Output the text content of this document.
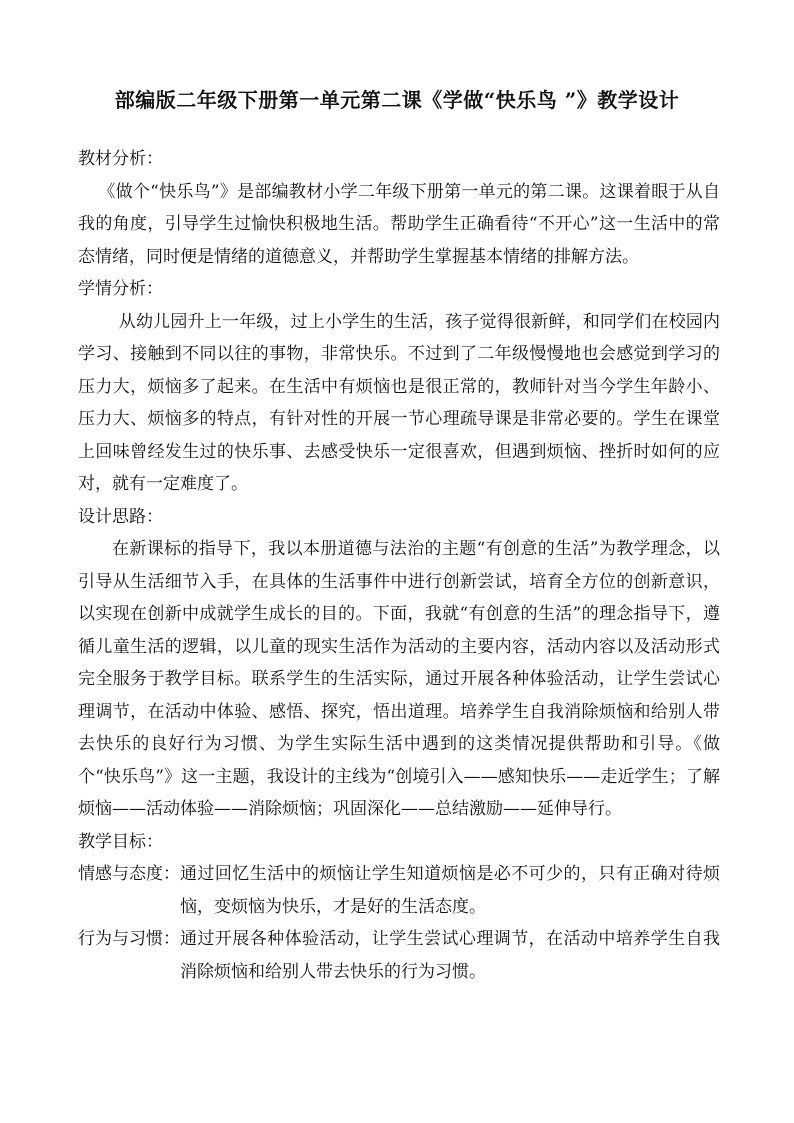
部编版二年级下册第一单元第二课《学做“快乐鸟 ”》教学设计

教材分析：

《做个“快乐鸟”》是部编教材小学二年级下册第一单元的第二课。这课着眼于从自我的角度，引导学生过愉快积极地生活。帮助学生正确看待“不开心”这一生活中的常态情绪，同时便是情绪的道德意义，并帮助学生掌握基本情绪的排解方法。

学情分析：

从幼儿园升上一年级，过上小学生的生活，孩子觉得很新鲜，和同学们在校园内学习、接触到不同以往的事物，非常快乐。不过到了二年级慢慢地也会感觉到学习的压力大，烦恼多了起来。在生活中有烦恼也是很正常的，教师针对当今学生年龄小、压力大、烦恼多的特点，有针对性的开展一节心理疏导课是非常必要的。学生在课堂上回味曾经发生过的快乐事、去感受快乐一定很喜欢，但遇到烦恼、挫折时如何的应对，就有一定难度了。

设计思路：

在新课标的指导下，我以本册道德与法治的主题“有创意的生活”为教学理念，以引导从生活细节入手，在具体的生活事件中进行创新尝试，培育全方位的创新意识，以实现在创新中成就学生成长的目的。下面，我就“有创意的生活”的理念指导下，遵循儿童生活的逻辑，以儿童的现实生活作为活动的主要内容，活动内容以及活动形式完全服务于教学目标。联系学生的生活实际，通过开展各种体验活动，让学生尝试心理调节，在活动中体验、感悟、探究，悟出道理。培养学生自我消除烦恼和给别人带去快乐的良好行为习惯、为学生实际生活中遇到的这类情况提供帮助和引导。《做个“快乐鸟”》这一主题，我设计的主线为“创境引入——感知快乐——走近学生；了解烦恼——活动体验——消除烦恼；巩固深化——总结激励——延伸导行。

教学目标：

情感与态度： 通过回忆生活中的烦恼让学生知道烦恼是必不可少的，只有正确对待烦恼，变烦恼为快乐，才是好的生活态度。
行为与习惯： 通过开展各种体验活动，让学生尝试心理调节，在活动中培养学生自我消除烦恼和给别人带去快乐的行为习惯。
